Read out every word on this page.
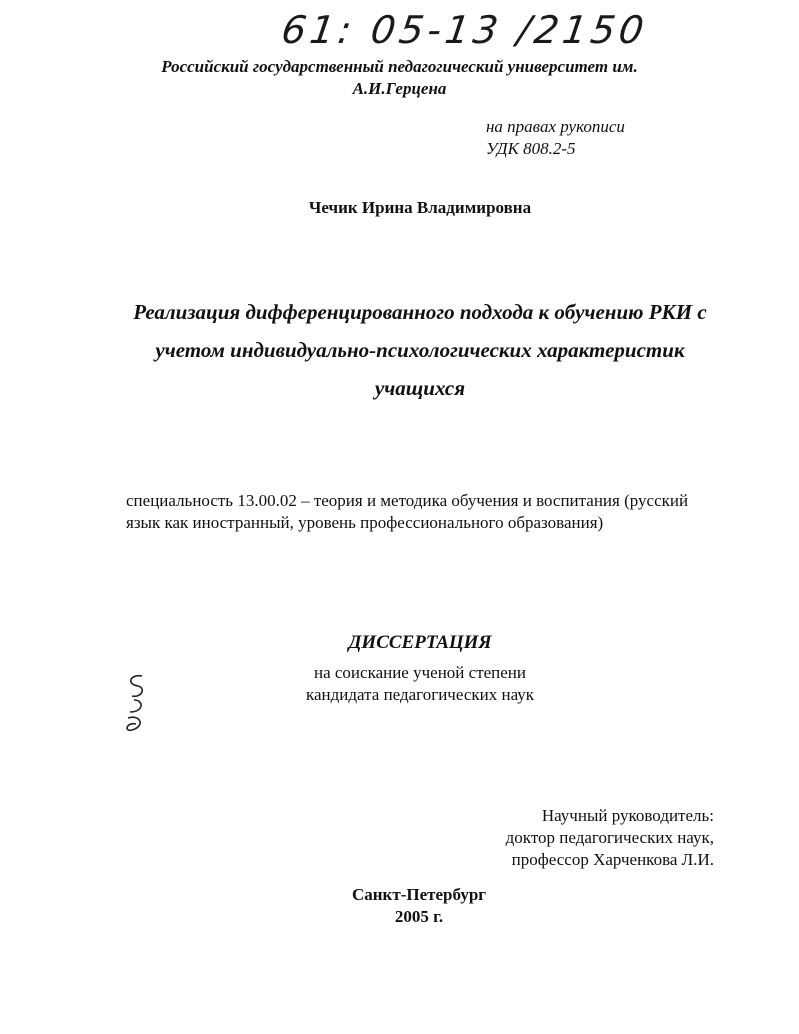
61: 05-13 /2150
Российский государственный педагогический университет им.
А.И.Герцена
на правах рукописи
УДК 808.2-5
Чечик Ирина Владимировна
Реализация дифференцированного подхода к обучению РКИ с
учетом индивидуально-психологических характеристик
учащихся
специальность 13.00.02 – теория и методика обучения и воспитания (русский
язык как иностранный, уровень профессионального образования)
ДИССЕРТАЦИЯ
на соискание ученой степени
кандидата педагогических наук
Научный руководитель:
доктор педагогических наук,
профессор Харченкова Л.И.
Санкт-Петербург
2005 г.
